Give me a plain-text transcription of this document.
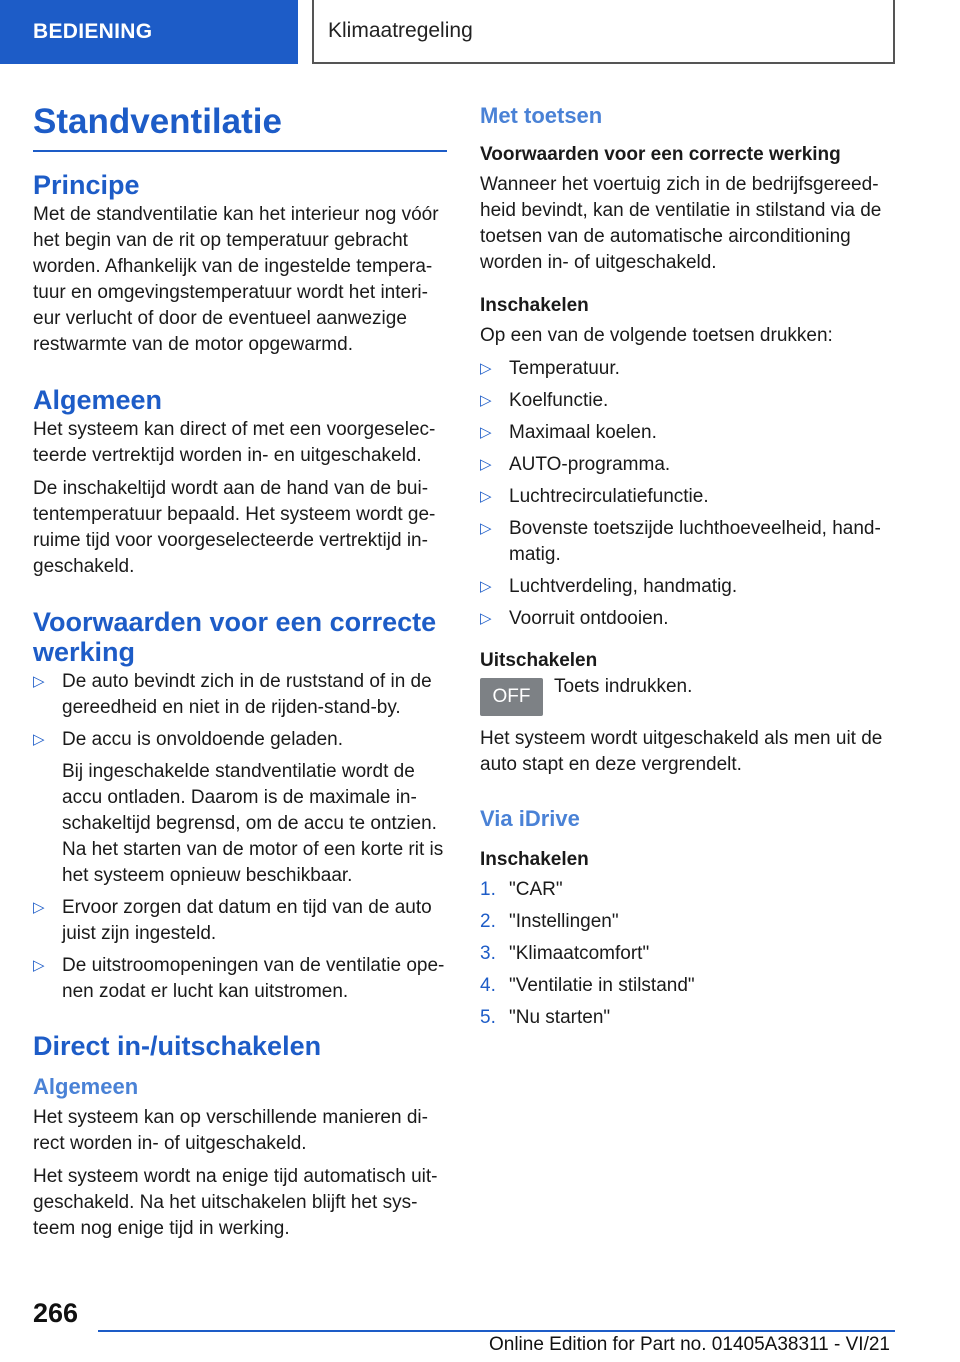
BEDIENING	Klimaatregeling
Standventilatie
Principe

Met de standventilatie kan het interieur nog vóór het begin van de rit op temperatuur gebracht worden. Afhankelijk van de ingestelde tempera-tuur en omgevingstemperatuur wordt het interi-eur verlucht of door de eventueel aanwezige restwarmte van de motor opgewarmd.

Algemeen

Het systeem kan direct of met een voorgeselec-teerde vertrektijd worden in- en uitgeschakeld.

De inschakeltijd wordt aan de hand van de bui-tentemperatuur bepaald. Het systeem wordt ge-ruime tijd voor voorgeselecteerde vertrektijd in-geschakeld.

Voorwaarden voor een correcte werking
▷ De auto bevindt zich in de ruststand of in de gereedheid en niet in de rijden-stand-by.
▷ De accu is onvoldoende geladen.
Bij ingeschakelde standventilatie wordt de accu ontladen. Daarom is de maximale in-schakeltijd begrensd, om de accu te ontzien. Na het starten van de motor of een korte rit is het systeem opnieuw beschikbaar.
▷ Ervoor zorgen dat datum en tijd van de auto juist zijn ingesteld.
▷ De uitstroomopeningen van de ventilatie ope-nen zodat er lucht kan uitstromen.
Direct in-/uitschakelen
Algemeen

Het systeem kan op verschillende manieren di-rect worden in- of uitgeschakeld.

Het systeem wordt na enige tijd automatisch uit-geschakeld. Na het uitschakelen blijft het sys-teem nog enige tijd in werking.

Met toetsen
Voorwaarden voor een correcte werking

Wanneer het voertuig zich in de bedrijfsgereed-heid bevindt, kan de ventilatie in stilstand via de toetsen van de automatische airconditioning worden in- of uitgeschakeld.

Inschakelen

Op een van de volgende toetsen drukken:

▷ Temperatuur.
▷ Koelfunctie.
▷ Maximaal koelen.
▷ AUTO-programma.
▷ Luchtrecirculatiefunctie.
▷ Bovenste toetszijde luchthoeveelheid, hand-matig.
▷ Luchtverdeling, handmatig.
▷ Voorruit ontdooien.
Uitschakelen
OFF	Toets indrukken.

Het systeem wordt uitgeschakeld als men uit de auto stapt en deze vergrendelt.

Via iDrive
Inschakelen
1. "CAR"
2. "Instellingen"
3. "Klimaatcomfort"
4. "Ventilatie in stilstand"
5. "Nu starten"
266
Online Edition for Part no. 01405A38311 - VI/21
